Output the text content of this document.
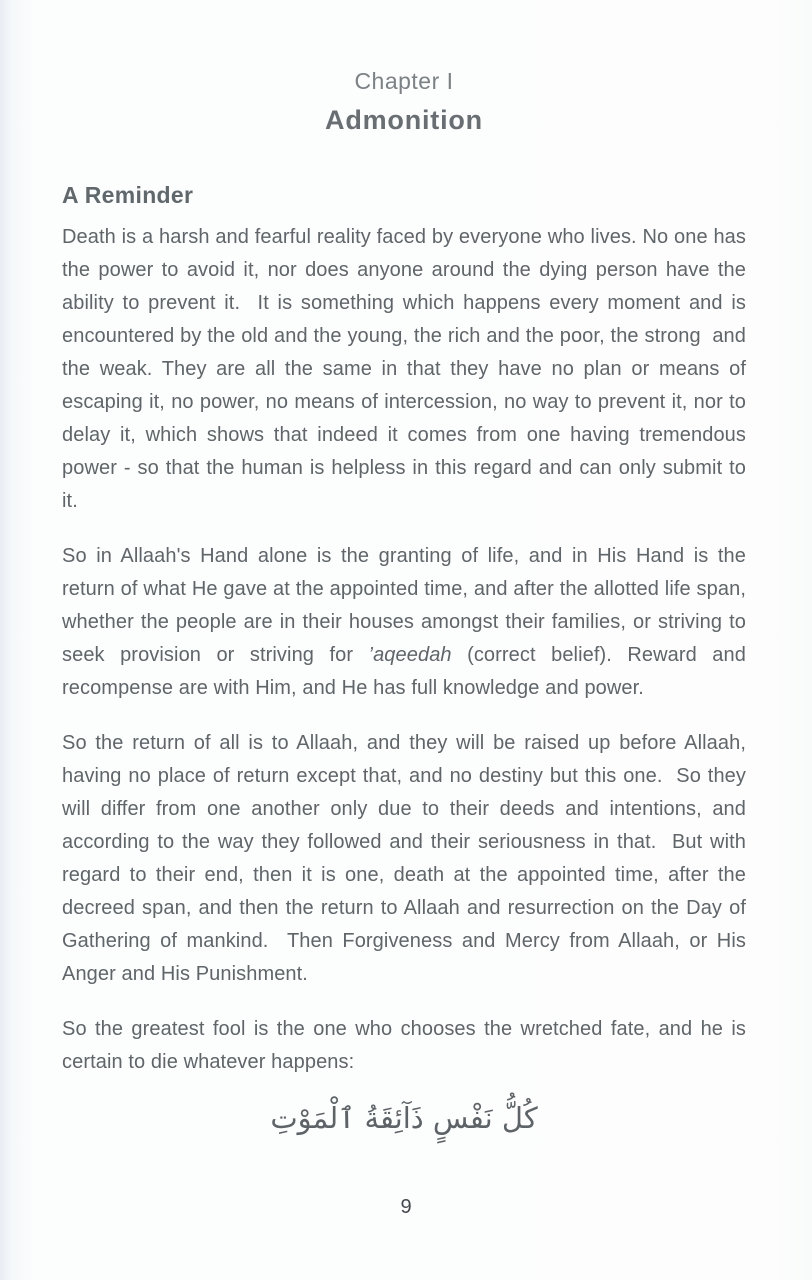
Chapter I
Admonition
A Reminder

Death is a harsh and fearful reality faced by everyone who lives. No one has the power to avoid it, nor does anyone around the dying person have the ability to prevent it.  It is something which happens every moment and is encountered by the old and the young, the rich and the poor, the strong  and the weak. They are all the same in that they have no plan or means of escaping it, no power, no means of intercession, no way to prevent it, nor to delay it, which shows that indeed it comes from one having tremendous power - so that the human is helpless in this regard and can only submit to it.

So in Allaah's Hand alone is the granting of life, and in His Hand is the return of what He gave at the appointed time, and after the allotted life span, whether the people are in their houses amongst their families, or striving to seek provision or striving for ’aqeedah (correct belief). Reward and recompense are with Him, and He has full knowledge and power.

So the return of all is to Allaah, and they will be raised up before Allaah, having no place of return except that, and no destiny but this one.  So they will differ from one another only due to their deeds and intentions, and according to the way they followed and their seriousness in that.  But with regard to their end, then it is one, death at the appointed time, after the decreed span, and then the return to Allaah and resurrection on the Day of Gathering of mankind.  Then Forgiveness and Mercy from Allaah, or His Anger and His Punishment.

So the greatest fool is the one who chooses the wretched fate, and he is certain to die whatever happens:

كُلُّ نَفْسٍ ذَآئِقَةُ ٱلْمَوْتِ
9
